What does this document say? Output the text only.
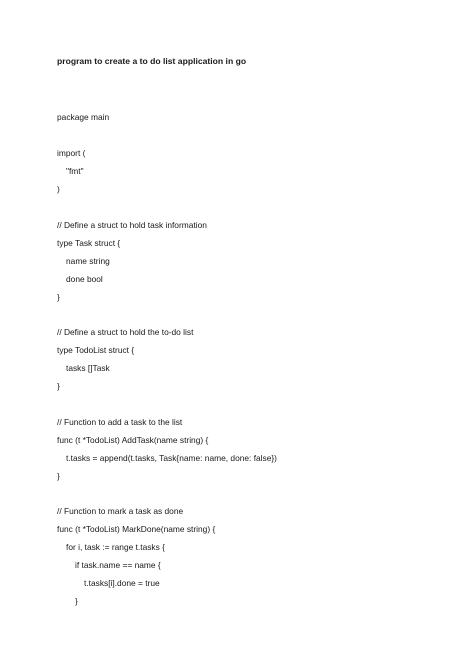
program to create a to do list application in go
package main
import (
"fmt"
)
// Define a struct to hold task information
type Task struct {
name string
done bool
}
// Define a struct to hold the to-do list
type TodoList struct {
tasks []Task
}
// Function to add a task to the list
func (t *TodoList) AddTask(name string) {
t.tasks = append(t.tasks, Task{name: name, done: false})
}
// Function to mark a task as done
func (t *TodoList) MarkDone(name string) {
for i, task := range t.tasks {
if task.name == name {
t.tasks[i].done = true
}
